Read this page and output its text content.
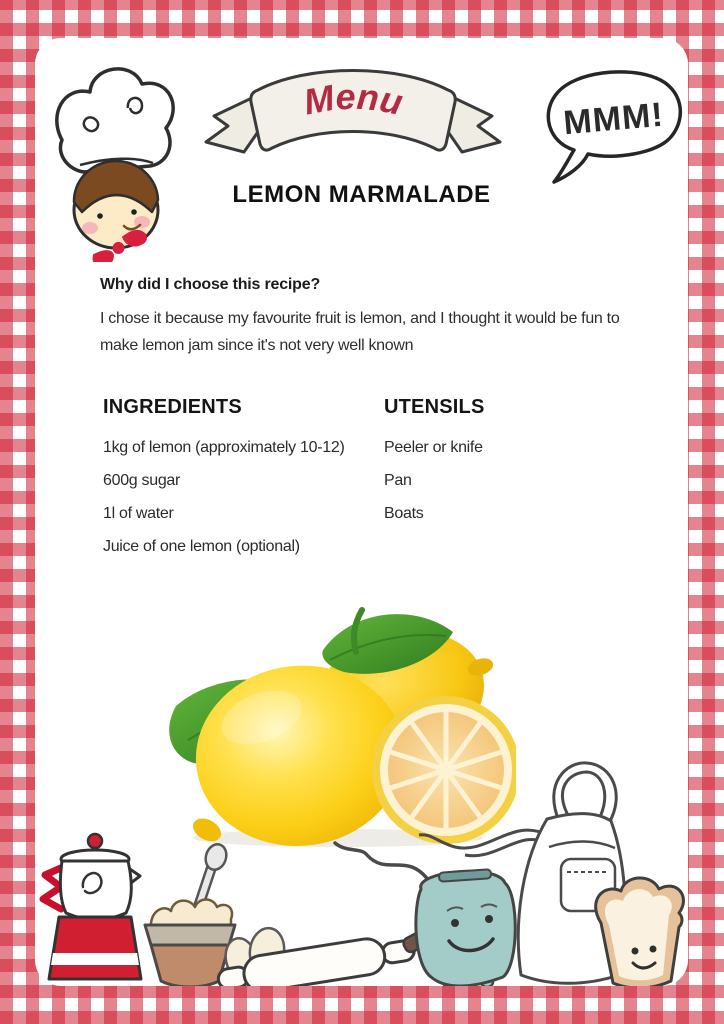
Menu	MMM!
LEMON MARMALADE
Why did I choose this recipe?
I chose it because my favourite fruit is lemon, and I thought it would be fun to make lemon jam since it's not very well known
INGREDIENTS
1kg of lemon (approximately 10-12)
600g sugar
1l of water
Juice of one lemon (optional)
UTENSILS
Peeler or knife
Pan
Boats
